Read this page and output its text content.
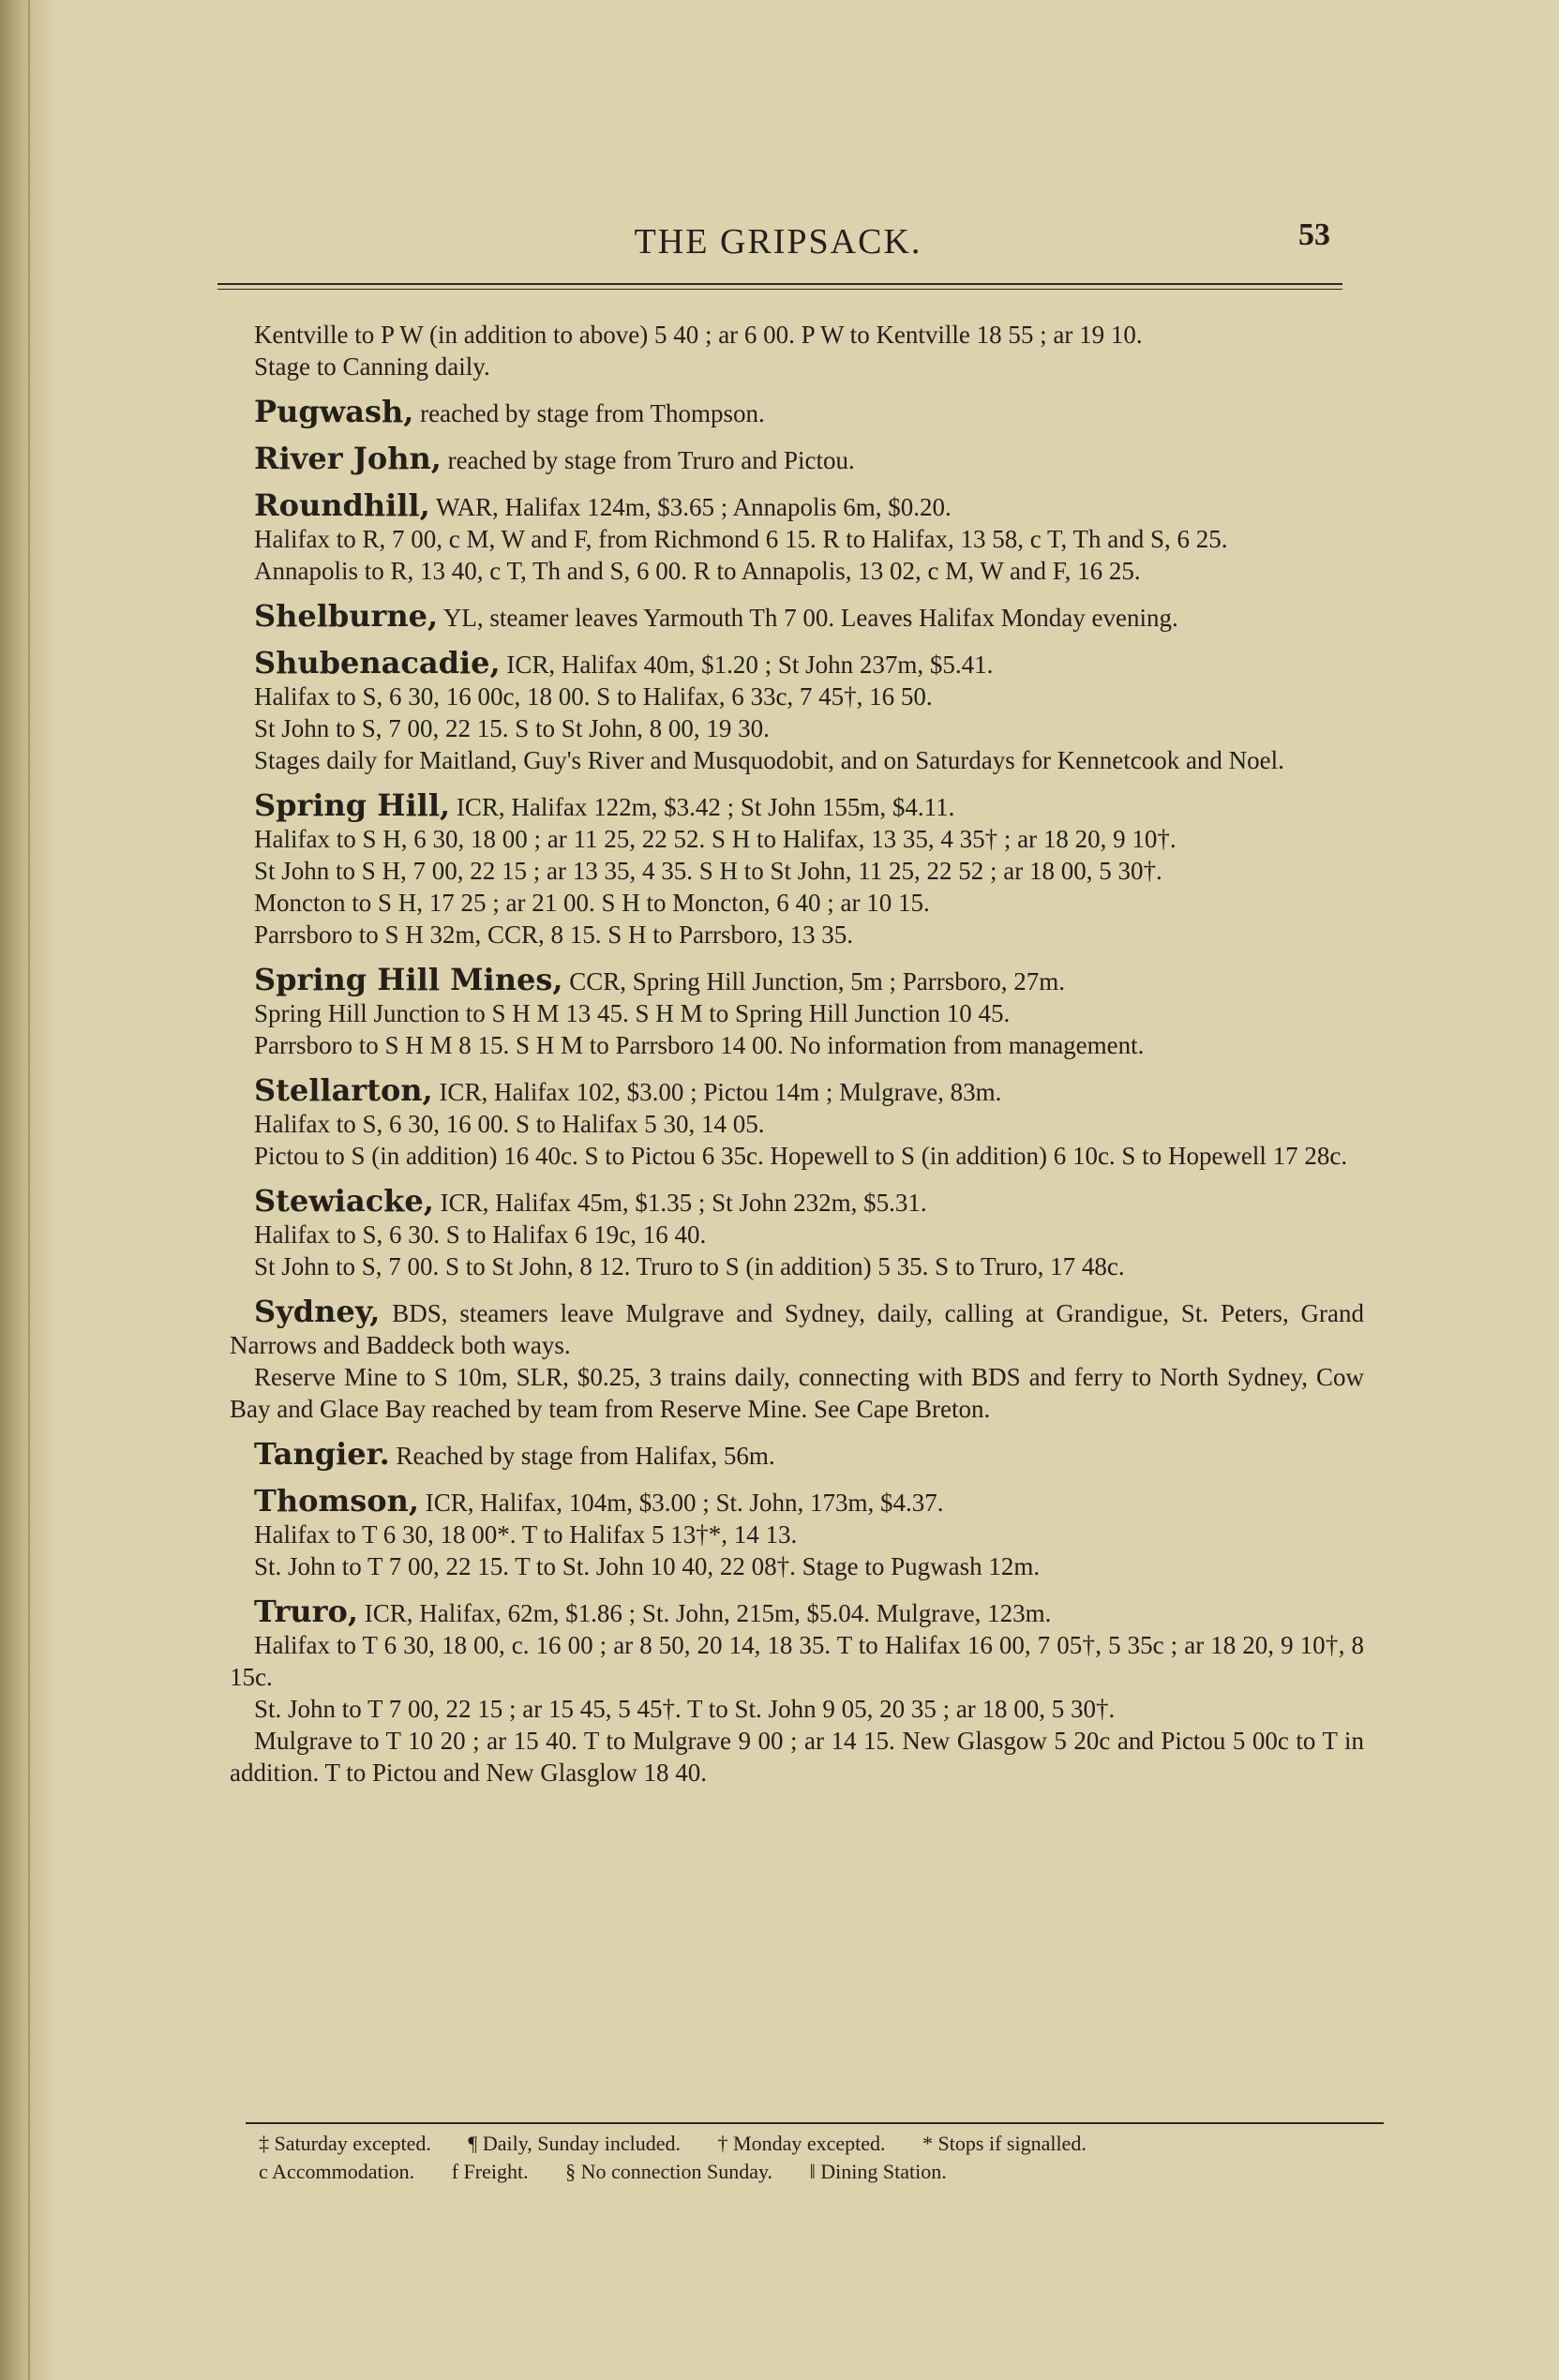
THE GRIPSACK.	53

Kentville to P W (in addition to above) 5 40 ; ar 6 00. P W to Kentville 18 55 ; ar 19 10.

Stage to Canning daily.

Pugwash, reached by stage from Thompson.

River John, reached by stage from Truro and Pictou.

Roundhill, WAR, Halifax 124m, $3.65 ; Annapolis 6m, $0.20.

Halifax to R, 7 00, c M, W and F, from Richmond 6 15. R to Halifax, 13 58, c T, Th and S, 6 25.

Annapolis to R, 13 40, c T, Th and S, 6 00. R to Annapolis, 13 02, c M, W and F, 16 25.

Shelburne, YL, steamer leaves Yarmouth Th 7 00. Leaves Halifax Monday evening.

Shubenacadie, ICR, Halifax 40m, $1.20 ; St John 237m, $5.41.

Halifax to S, 6 30, 16 00c, 18 00. S to Halifax, 6 33c, 7 45†, 16 50.

St John to S, 7 00, 22 15. S to St John, 8 00, 19 30.

Stages daily for Maitland, Guy's River and Musquodobit, and on Saturdays for Kennetcook and Noel.

Spring Hill, ICR, Halifax 122m, $3.42 ; St John 155m, $4.11.

Halifax to S H, 6 30, 18 00 ; ar 11 25, 22 52. S H to Halifax, 13 35, 4 35† ; ar 18 20, 9 10†.

St John to S H, 7 00, 22 15 ; ar 13 35, 4 35. S H to St John, 11 25, 22 52 ; ar 18 00, 5 30†.

Moncton to S H, 17 25 ; ar 21 00. S H to Moncton, 6 40 ; ar 10 15.

Parrsboro to S H 32m, CCR, 8 15. S H to Parrsboro, 13 35.

Spring Hill Mines, CCR, Spring Hill Junction, 5m ; Parrsboro, 27m.

Spring Hill Junction to S H M 13 45. S H M to Spring Hill Junction 10 45.

Parrsboro to S H M 8 15. S H M to Parrsboro 14 00. No information from management.

Stellarton, ICR, Halifax 102, $3.00 ; Pictou 14m ; Mulgrave, 83m.

Halifax to S, 6 30, 16 00. S to Halifax 5 30, 14 05.

Pictou to S (in addition) 16 40c. S to Pictou 6 35c. Hopewell to S (in addition) 6 10c. S to Hopewell 17 28c.

Stewiacke, ICR, Halifax 45m, $1.35 ; St John 232m, $5.31.

Halifax to S, 6 30. S to Halifax 6 19c, 16 40.

St John to S, 7 00. S to St John, 8 12. Truro to S (in addition) 5 35. S to Truro, 17 48c.

Sydney, BDS, steamers leave Mulgrave and Sydney, daily, calling at Grandigue, St. Peters, Grand Narrows and Baddeck both ways.

Reserve Mine to S 10m, SLR, $0.25, 3 trains daily, connecting with BDS and ferry to North Sydney, Cow Bay and Glace Bay reached by team from Reserve Mine. See Cape Breton.

Tangier. Reached by stage from Halifax, 56m.

Thomson, ICR, Halifax, 104m, $3.00 ; St. John, 173m, $4.37.

Halifax to T 6 30, 18 00*. T to Halifax 5 13†*, 14 13.

St. John to T 7 00, 22 15. T to St. John 10 40, 22 08†. Stage to Pugwash 12m.

Truro, ICR, Halifax, 62m, $1.86 ; St. John, 215m, $5.04. Mulgrave, 123m.

Halifax to T 6 30, 18 00, c. 16 00 ; ar 8 50, 20 14, 18 35. T to Halifax 16 00, 7 05†, 5 35c ; ar 18 20, 9 10†, 8 15c.

St. John to T 7 00, 22 15 ; ar 15 45, 5 45†. T to St. John 9 05, 20 35 ; ar 18 00, 5 30†.

Mulgrave to T 10 20 ; ar 15 40. T to Mulgrave 9 00 ; ar 14 15. New Glasgow 5 20c and Pictou 5 00c to T in addition. T to Pictou and New Glasglow 18 40.

‡ Saturday excepted. ¶ Daily, Sunday included. † Monday excepted. * Stops if signalled.

c Accommodation. f Freight. § No connection Sunday. ‖ Dining Station.
